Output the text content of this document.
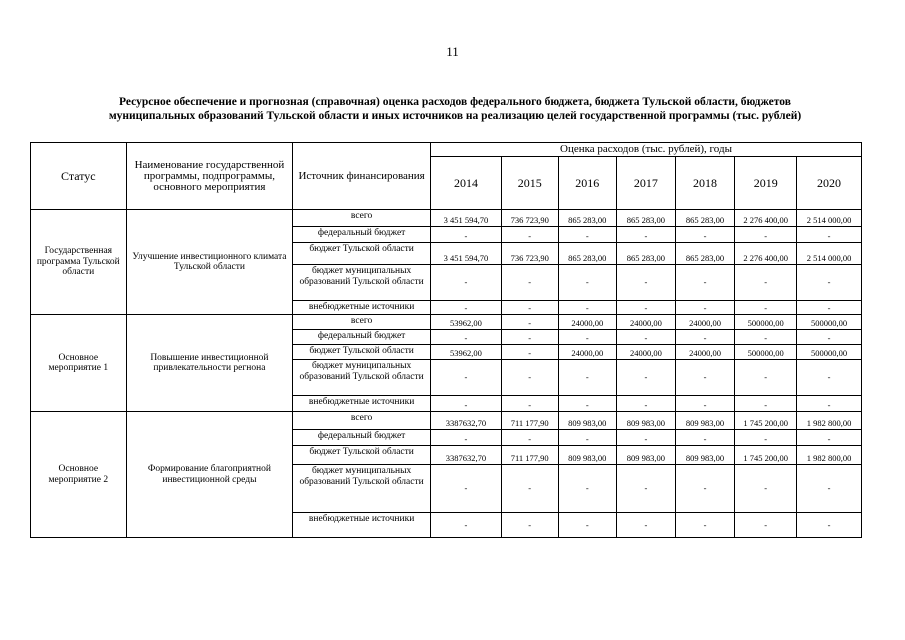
11
Ресурсное обеспечение и прогнозная (справочная) оценка расходов федерального бюджета, бюджета Тульской области, бюджетов
муниципальных образований Тульской области и иных источников на реализацию целей государственной программы (тыс. рублей)
Статус	Наименование государственной программы, подпрограммы, основного мероприятия	Источник финансирования	Оценка расходов (тыс. рублей), годы						
			2014	2015	2016	2017	2018	2019	2020
Государственная программа Тульской области	Улучшение инвестиционного климата Тульской области	всего	3 451 594,70	736 723,90	865 283,00	865 283,00	865 283,00	2 276 400,00	2 514 000,00
		федеральный бюджет	-	-	-	-	-	-	-
		бюджет Тульской области	3 451 594,70	736 723,90	865 283,00	865 283,00	865 283,00	2 276 400,00	2 514 000,00
		бюджет муниципальных образований Тульской области	-	-	-	-	-	-	-
		внебюджетные источники	-	-	-	-	-	-	-
Основное мероприятие 1	Повышение инвестиционной привлекательности регнона	всего	53962,00	-	24000,00	24000,00	24000,00	500000,00	500000,00
		федеральный бюджет	-	-	-	-	-	-	-
		бюджет Тульской области	53962,00	-	24000,00	24000,00	24000,00	500000,00	500000,00
		бюджет муниципальных образований Тульской области	-	-	-	-	-	-	-
		внебюджетные источники	-	-	-	-	-	-	-
Основное мероприятие 2	Формирование благоприятной инвестиционной среды	всего	3387632,70	711 177,90	809 983,00	809 983,00	809 983,00	1 745 200,00	1 982 800,00
		федеральный бюджет	-	-	-	-	-	-	-
		бюджет Тульской области	3387632,70	711 177,90	809 983,00	809 983,00	809 983,00	1 745 200,00	1 982 800,00
		бюджет муниципальных образований Тульской области	-	-	-	-	-	-	-
		внебюджетные источники	-	-	-	-	-	-	-
